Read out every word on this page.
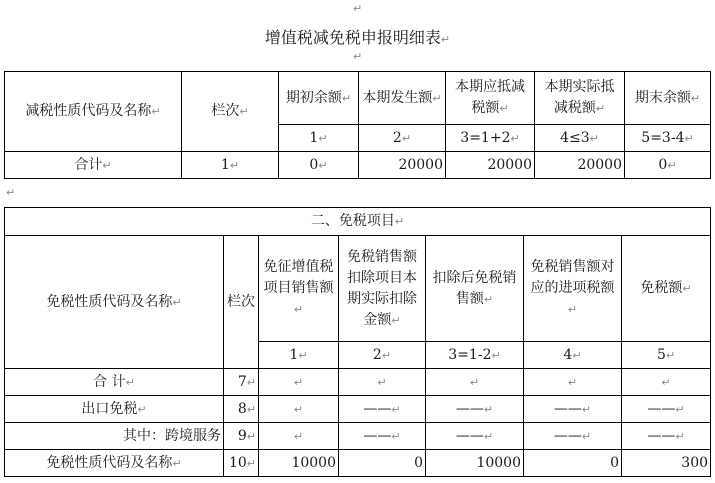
↵
增值税减免税申报明细表↵
↵
减税性质代码及名称↵	栏次↵	期初余额↵	本期发生额↵	本期应抵减税额↵	本期实际抵减税额↵	期末余额↵
		1↵	2↵	3=1+2↵	4≤3↵	5=3-4↵
合计↵	1↵	0↵	20000	20000	20000	0↵
↵
二、免税项目↵						
免税性质代码及名称↵	栏次	免征增值税项目销售额↵	免税销售额扣除项目本期实际扣除金额↵	扣除后免税销售额↵	免税销售额对应的进项税额↵	免税额↵
		1↵	2↵	3=1-2↵	4↵	5↵
合 计↵	7↵	↵	↵	↵	↵	↵
出口免税↵	8↵	↵	——↵	——↵	——↵	——↵
其中：跨境服务	9↵	↵	——↵	——↵	——↵	——↵
免税性质代码及名称↵	10↵	10000	0	10000	0	300
